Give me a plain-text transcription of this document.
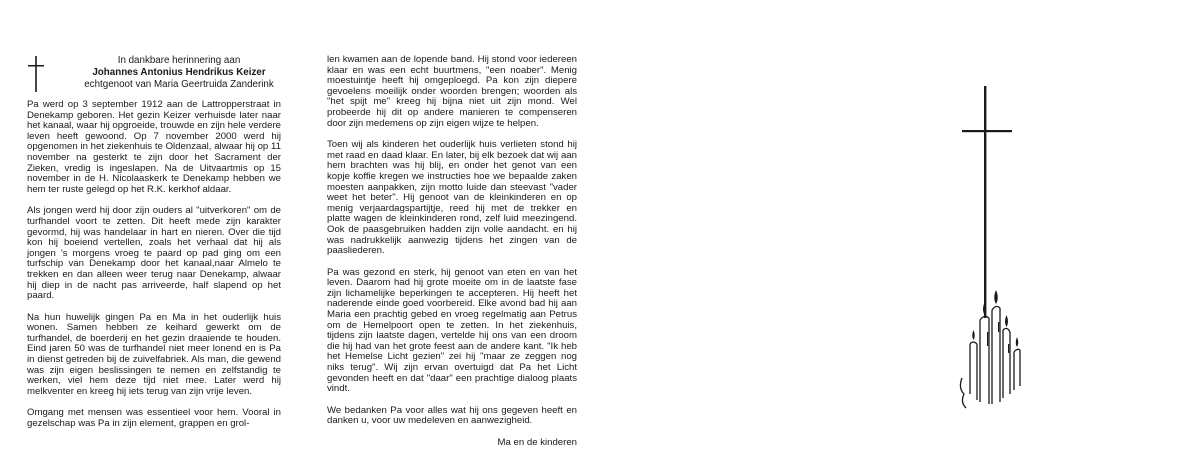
In dankbare herinnering aan
Johannes Antonius Hendrikus Keizer
echtgenoot van Maria Geertruida Zanderink

Pa werd op 3 september 1912 aan de Lattropperstraat in Denekamp geboren. Het gezin Keizer verhuisde later naar het kanaal, waar hij opgroeide, trouwde en zijn hele verdere leven heeft gewoond. Op 7 november 2000 werd hij opgenomen in het ziekenhuis te Oldenzaal, alwaar hij op 11 november na gesterkt te zijn door het Sacrament der Zieken, vredig is ingeslapen. Na de Uitvaartmis op 15 november in de H. Nicolaaskerk te Denekamp hebben we hem ter ruste gelegd op het R.K. kerkhof aldaar.

Als jongen werd hij door zijn ouders al "uitverkoren" om de turfhandel voort te zetten. Dit heeft mede zijn karakter gevormd, hij was handelaar in hart en nieren. Over die tijd kon hij boeiend vertellen, zoals het verhaal dat hij als jongen 's morgens vroeg te paard op pad ging om een turfschip van Denekamp door het kanaal,naar Almelo te trekken en dan alleen weer terug naar Denekamp, alwaar hij diep in de nacht pas arriveerde, half slapend op het paard.

Na hun huwelijk gingen Pa en Ma in het ouderlijk huis wonen. Samen hebben ze keihard gewerkt om de turfhandel, de boerderij en het gezin draaiende te houden. Eind jaren 50 was de turfhandel niet meer lonend en is Pa in dienst getreden bij de zuivelfabriek. Als man, die gewend was zijn eigen beslissingen te nemen en zelfstandig te werken, viel hem deze tijd niet mee. Later werd hij melkventer en kreeg hij iets terug van zijn vrije leven.

Omgang met mensen was essentieel voor hem. Vooral in gezelschap was Pa in zijn element, grappen en grol-

len kwamen aan de lopende band. Hij stond voor iedereen klaar en was een echt buurtmens, "een noaber". Menig moestuintje heeft hij omgeploegd. Pa kon zijn diepere gevoelens moeilijk onder woorden brengen; woorden als "het spijt me" kreeg hij bijna niet uit zijn mond. Wel probeerde hij dit op andere manieren te compenseren door zijn medemens op zijn eigen wijze te helpen.

Toen wij als kinderen het ouderlijk huis verlieten stond hij met raad en daad klaar. En later, bij elk bezoek dat wij aan hem brachten was hij blij, en onder het genot van een kopje koffie kregen we instructies hoe we bepaalde zaken moesten aanpakken, zijn motto luide dan steevast "vader weet het beter". Hij genoot van de kleinkinderen en op menig verjaardagspartijtje, reed hij met de trekker en platte wagen de kleinkinderen rond, zelf luid meezingend. Ook de paasgebruiken hadden zijn volle aandacht. en hij was nadrukkelijk aanwezig tijdens het zingen van de paasliederen.

Pa was gezond en sterk, hij genoot van eten en van het leven. Daarom had hij grote moeite om in de laatste fase zijn lichamelijke beperkingen te accepteren. Hij heeft het naderende einde goed voorbereid. Elke avond bad hij aan Maria een prachtig gebed en vroeg regelmatig aan Petrus om de Hemelpoort open te zetten. In het ziekenhuis, tijdens zijn laatste dagen, vertelde hij ons van een droom die hij had van het grote feest aan de andere kant. "Ik heb het Hemelse Licht gezien" zei hij "maar ze zeggen nog niks terug". Wij zijn ervan overtuigd dat Pa het Licht gevonden heeft en dat "daar" een prachtige dialoog plaats vindt.

We bedanken Pa voor alles wat hij ons gegeven heeft en danken u, voor uw medeleven en aanwezigheid.

Ma en de kinderen
